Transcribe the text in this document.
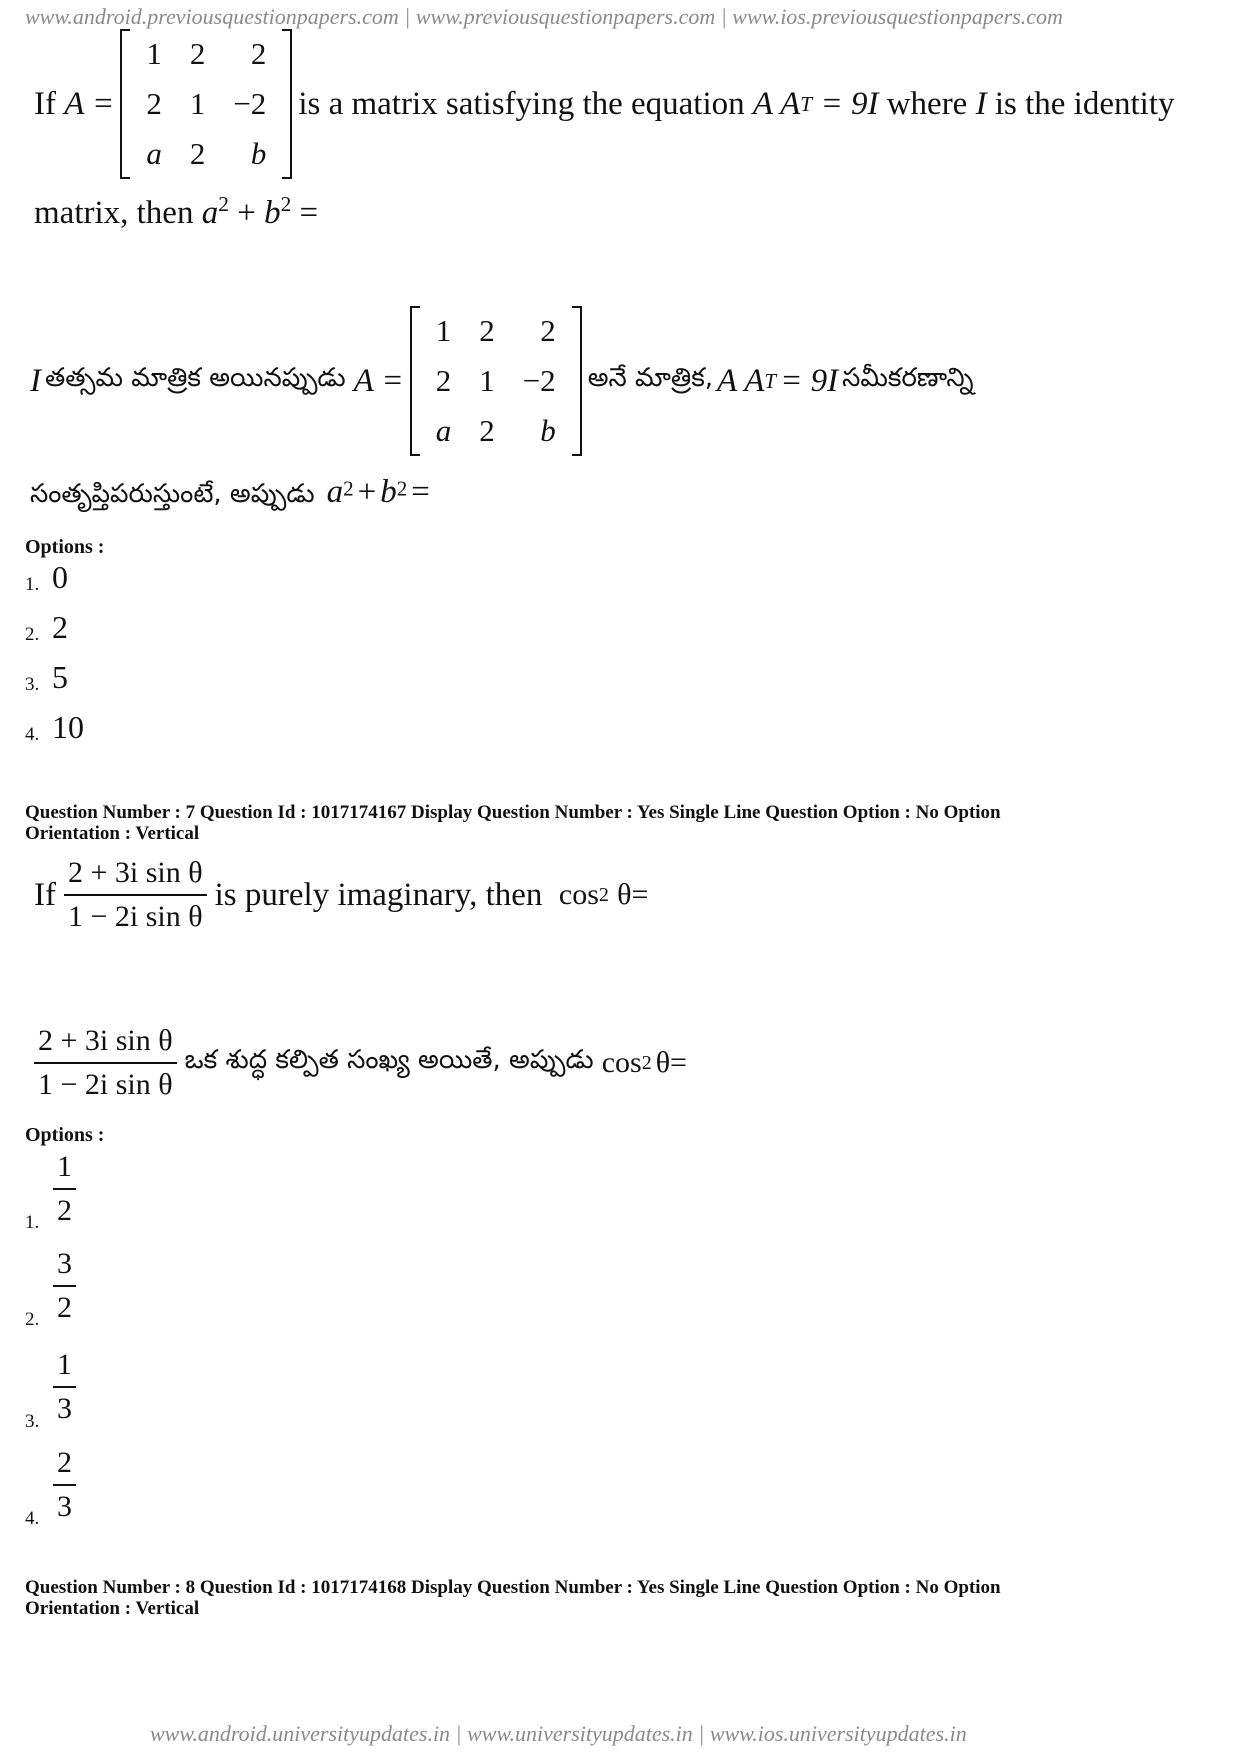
www.android.previousquestionpapers.com | www.previousquestionpapers.com | www.ios.previousquestionpapers.com
If
A =
1	2	2
2	1	−2
a	2	b
is a matrix satisfying the equation
A A T
= 9I
where
I
is the identity
matrix, then $a^2 + b^2$ =
I
తత్సమ మాత్రిక అయినప్పుడు
A =
1	2	2
2	1	−2
a	2	b
అనే మాత్రిక,
A A T
= 9I
సమీకరణాన్ని
సంతృప్తిపరుస్తుంటే, అప్పుడు a2 + b2 =
Options :
1. 0
2. 2
3. 5
4. 10
Question Number : 7 Question Id : 1017174167 Display Question Number : Yes Single Line Question Option : No Option
Orientation : Vertical
If $\frac{\text{2 + 3i sin θ}}{\text{1 − 2i sin θ}}$ is purely imaginary, then
cos 2
θ=
$\frac{\text{2 + 3i sin θ}}{\text{1 − 2i sin θ}}$ ఒక శుద్ధ కల్పిత సంఖ్య అయితే, అప్పుడు
cos 2
θ=
Options :
1. $\frac{1}{2}$
2. $\frac{3}{2}$
3. $\frac{1}{3}$
4. $\frac{2}{3}$
Question Number : 8 Question Id : 1017174168 Display Question Number : Yes Single Line Question Option : No Option
Orientation : Vertical
www.android.universityupdates.in | www.universityupdates.in | www.ios.universityupdates.in
